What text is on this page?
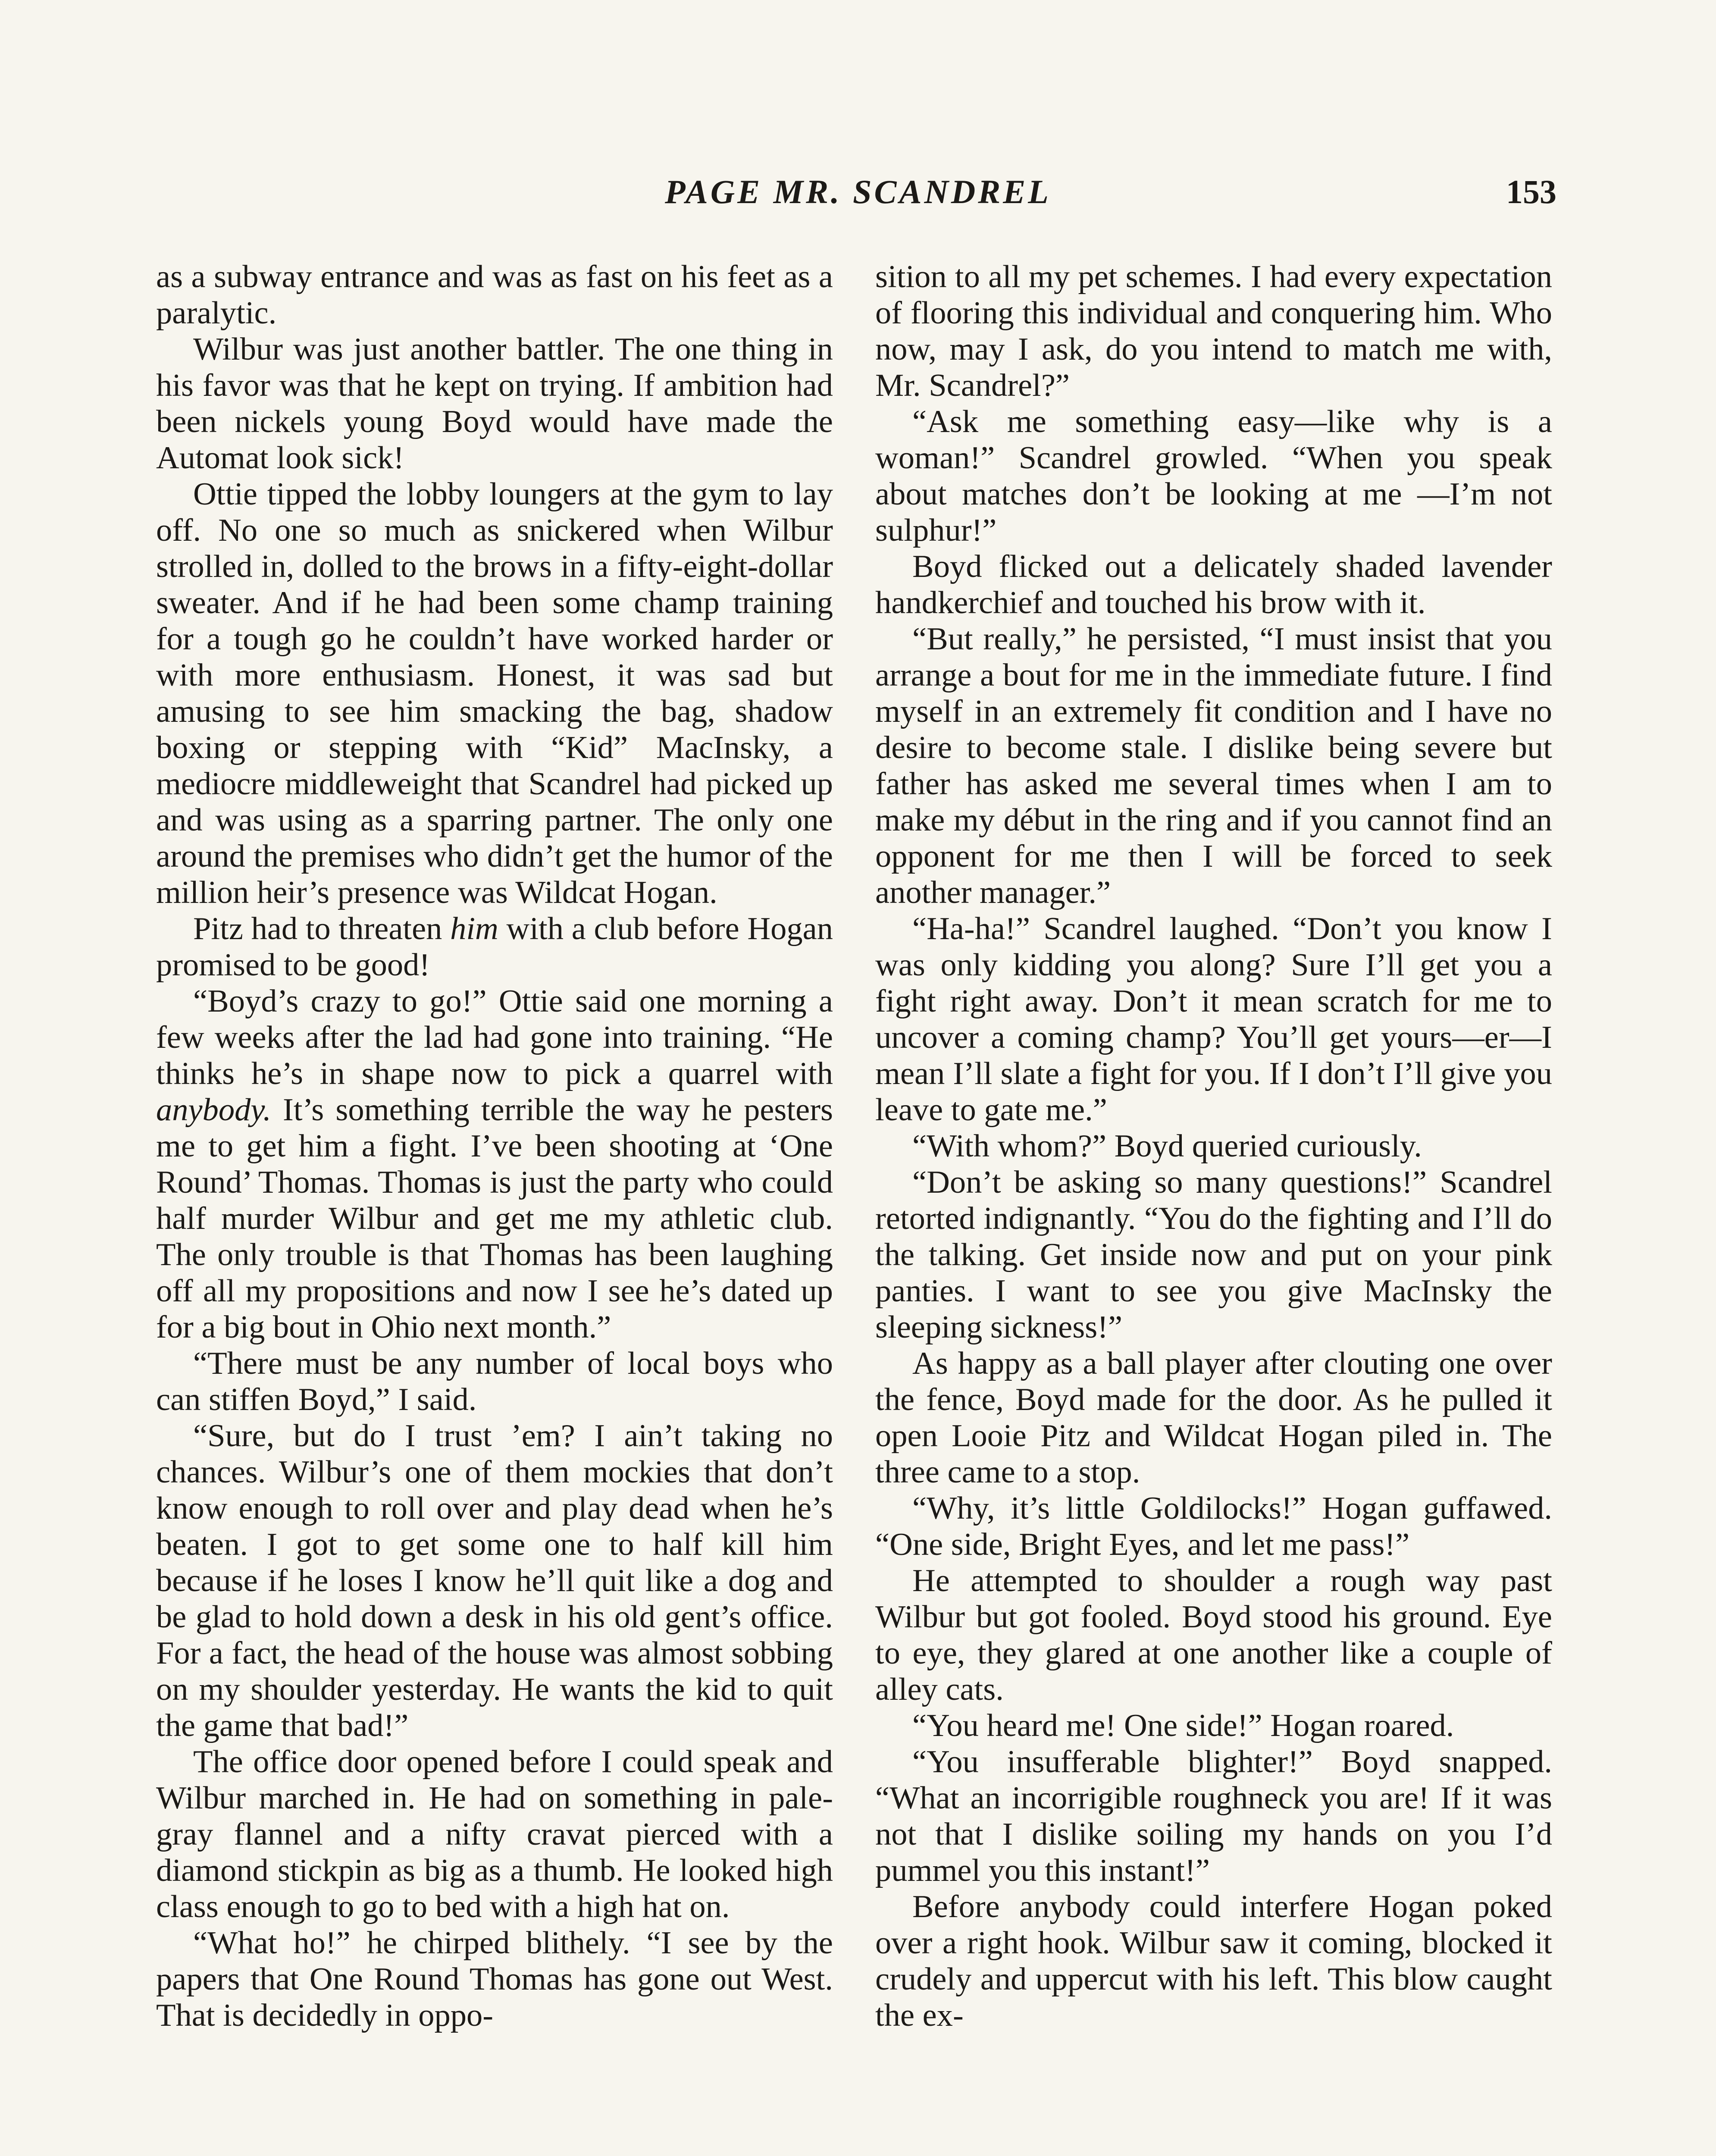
PAGE MR. SCANDREL	153

as a subway entrance and was as fast on his feet as a paralytic.

Wilbur was just another battler. The one thing in his favor was that he kept on trying. If ambition had been nickels young Boyd would have made the Automat look sick!

Ottie tipped the lobby loungers at the gym to lay off. No one so much as snickered when Wilbur strolled in, dolled to the brows in a fifty-eight-dollar sweater. And if he had been some champ training for a tough go he couldn’t have worked harder or with more enthusiasm. Honest, it was sad but amusing to see him smacking the bag, shadow boxing or stepping with “Kid” MacInsky, a mediocre middleweight that Scandrel had picked up and was using as a sparring partner. The only one around the premises who didn’t get the humor of the million heir’s presence was Wildcat Hogan.

Pitz had to threaten him with a club before Hogan promised to be good!

“Boyd’s crazy to go!” Ottie said one morning a few weeks after the lad had gone into training. “He thinks he’s in shape now to pick a quarrel with anybody. It’s something terrible the way he pesters me to get him a fight. I’ve been shooting at ‘One Round’ Thomas. Thomas is just the party who could half murder Wilbur and get me my athletic club. The only trouble is that Thomas has been laughing off all my propositions and now I see he’s dated up for a big bout in Ohio next month.”

“There must be any number of local boys who can stiffen Boyd,” I said.

“Sure, but do I trust ’em? I ain’t taking no chances. Wilbur’s one of them mockies that don’t know enough to roll over and play dead when he’s beaten. I got to get some one to half kill him because if he loses I know he’ll quit like a dog and be glad to hold down a desk in his old gent’s office. For a fact, the head of the house was almost sobbing on my shoulder yesterday. He wants the kid to quit the game that bad!”

The office door opened before I could speak and Wilbur marched in. He had on something in pale-gray flannel and a nifty cravat pierced with a diamond stickpin as big as a thumb. He looked high class enough to go to bed with a high hat on.

“What ho!” he chirped blithely. “I see by the papers that One Round Thomas has gone out West. That is decidedly in oppo-

sition to all my pet schemes. I had every expectation of flooring this individual and conquering him. Who now, may I ask, do you intend to match me with, Mr. Scandrel?”

“Ask me something easy—like why is a woman!” Scandrel growled. “When you speak about matches don’t be looking at me —I’m not sulphur!”

Boyd flicked out a delicately shaded lavender handkerchief and touched his brow with it.

“But really,” he persisted, “I must insist that you arrange a bout for me in the immediate future. I find myself in an extremely fit condition and I have no desire to become stale. I dislike being severe but father has asked me several times when I am to make my début in the ring and if you cannot find an opponent for me then I will be forced to seek another manager.”

“Ha-ha!” Scandrel laughed. “Don’t you know I was only kidding you along? Sure I’ll get you a fight right away. Don’t it mean scratch for me to uncover a coming champ? You’ll get yours—er—I mean I’ll slate a fight for you. If I don’t I’ll give you leave to gate me.”

“With whom?” Boyd queried curiously.

“Don’t be asking so many questions!” Scandrel retorted indignantly. “You do the fighting and I’ll do the talking. Get inside now and put on your pink panties. I want to see you give MacInsky the sleeping sickness!”

As happy as a ball player after clouting one over the fence, Boyd made for the door. As he pulled it open Looie Pitz and Wildcat Hogan piled in. The three came to a stop.

“Why, it’s little Goldilocks!” Hogan guffawed. “One side, Bright Eyes, and let me pass!”

He attempted to shoulder a rough way past Wilbur but got fooled. Boyd stood his ground. Eye to eye, they glared at one another like a couple of alley cats.

“You heard me! One side!” Hogan roared.

“You insufferable blighter!” Boyd snapped. “What an incorrigible roughneck you are! If it was not that I dislike soiling my hands on you I’d pummel you this instant!”

Before anybody could interfere Hogan poked over a right hook. Wilbur saw it coming, blocked it crudely and uppercut with his left. This blow caught the ex-
